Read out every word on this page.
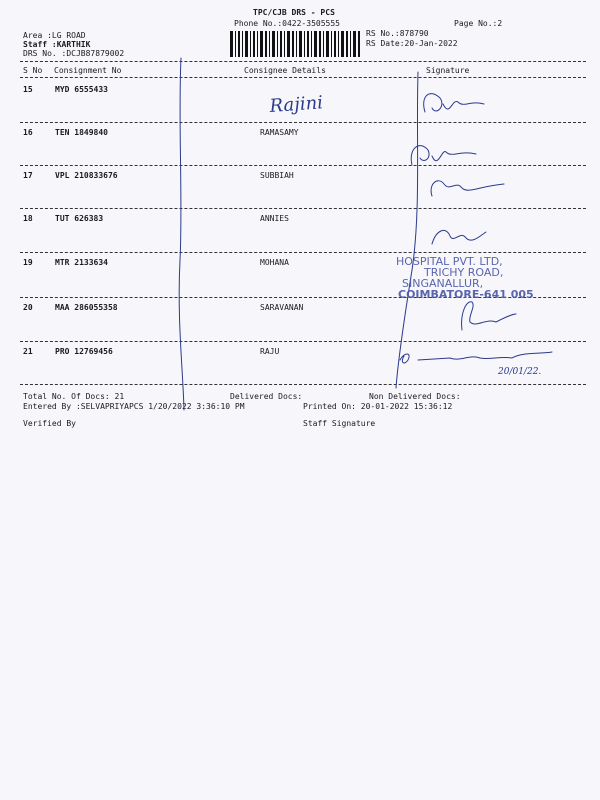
TPC/CJB DRS - PCS
Phone No.:0422-3505555	Page No.:2
RS No.:878790
RS Date:20-Jan-2022
Area :LG ROAD
Staff :KARTHIK
DRS No. :DCJB87879002
S No Consignment No	Consignee Details	Signature
15	MYD 6555433
16	TEN 1849840	RAMASAMY
17	VPL 210833676	SUBBIAH
18	TUT 626383	ANNIES
19	MTR 2133634	MOHANA
20	MAA 286055358	SARAVANAN
21	PRO 12769456	RAJU
Total No. Of Docs: 21	Delivered Docs:	Non Delivered Docs:
Entered By :SELVAPRIYAPCS 1/20/2022 3:36:10 PM	Printed On: 20-01-2022 15:36:12
Verified By	Staff Signature
Rajini
20/01/22.
HOSPITAL PVT. LTD,
TRICHY ROAD,
SINGANALLUR,
COIMBATORE-641 005
